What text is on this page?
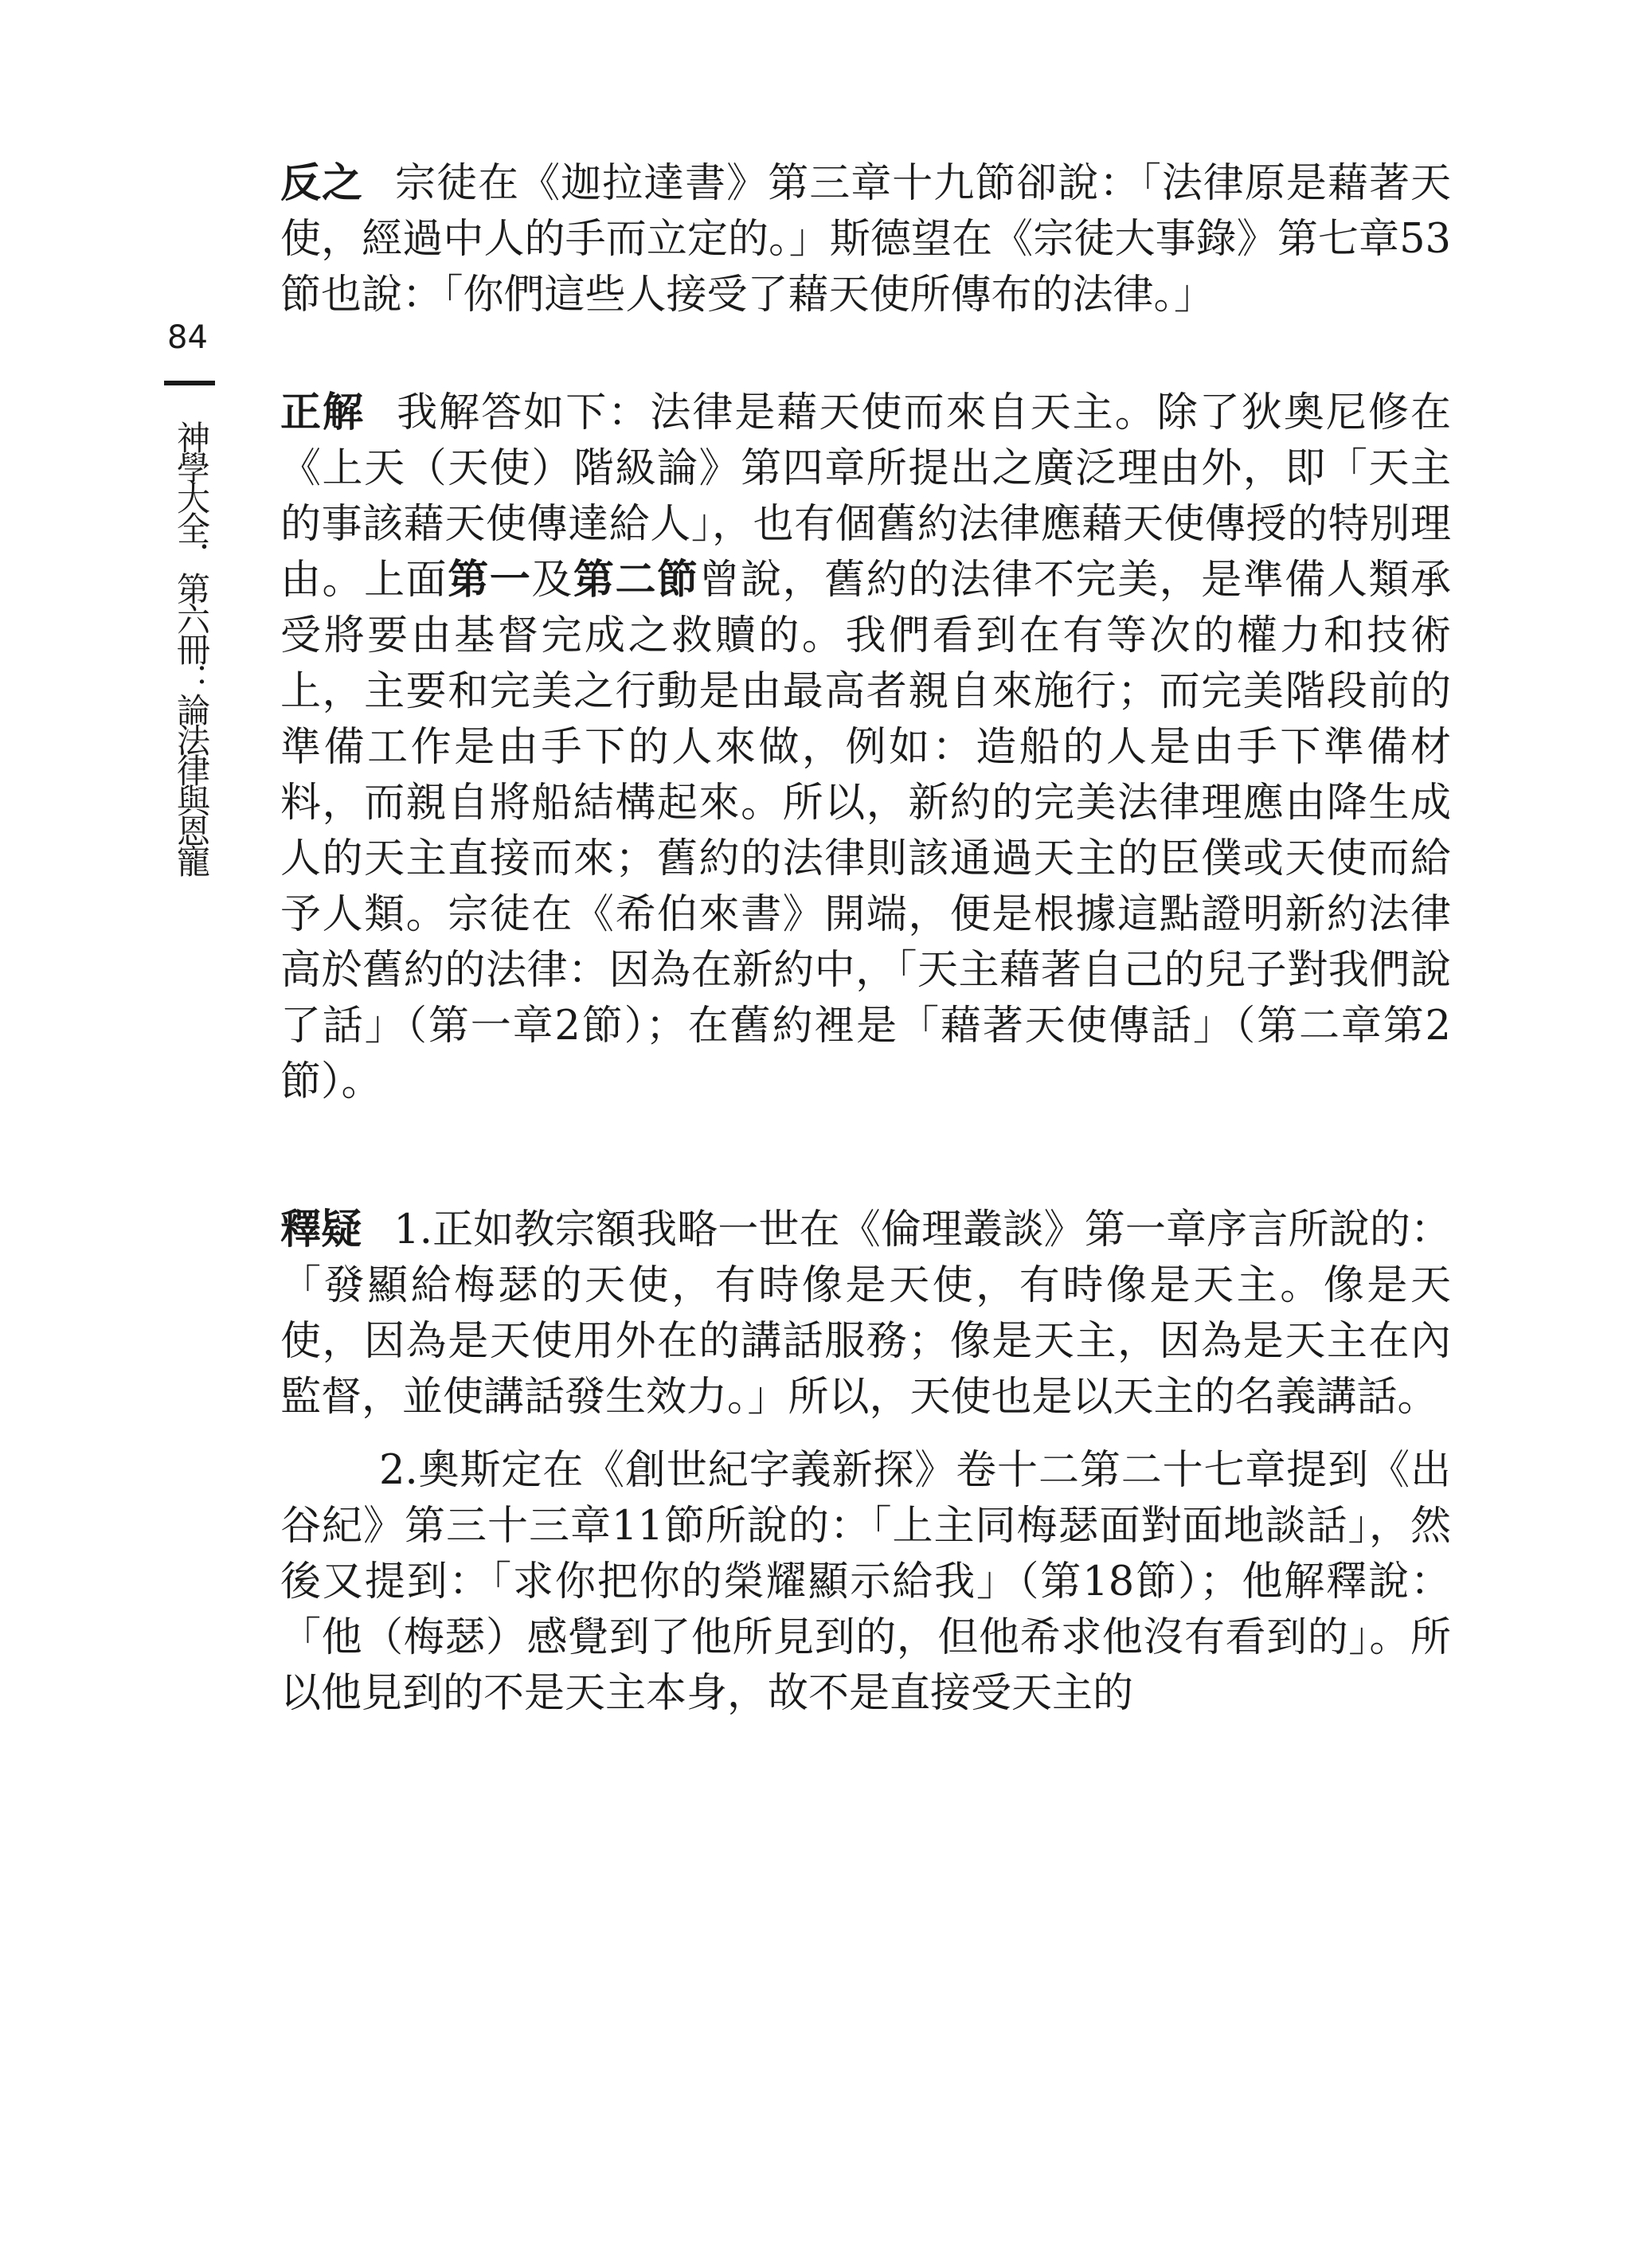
84
神學大全．第六冊：論法律與恩寵

反之 宗徒在《迦拉達書》第三章十九節卻說：「法律原是藉著天使，經過中人的手而立定的。」斯德望在《宗徒大事錄》第七章53節也說：「你們這些人接受了藉天使所傳布的法律。」

正解 我解答如下：法律是藉天使而來自天主。除了狄奧尼修在《上天（天使）階級論》第四章所提出之廣泛理由外，即「天主的事該藉天使傳達給人」，也有個舊約法律應藉天使傳授的特別理由。上面第一及第二節曾說，舊約的法律不完美，是準備人類承受將要由基督完成之救贖的。我們看到在有等次的權力和技術上，主要和完美之行動是由最高者親自來施行；而完美階段前的準備工作是由手下的人來做，例如：造船的人是由手下準備材料，而親自將船結構起來。所以，新約的完美法律理應由降生成人的天主直接而來；舊約的法律則該通過天主的臣僕或天使而給予人類。宗徒在《希伯來書》開端，便是根據這點證明新約法律高於舊約的法律：因為在新約中，「天主藉著自己的兒子對我們說了話」（第一章2節）；在舊約裡是「藉著天使傳話」（第二章第2節）。

釋疑 1.正如教宗額我略一世在《倫理叢談》第一章序言所說的：「發顯給梅瑟的天使，有時像是天使，有時像是天主。像是天使，因為是天使用外在的講話服務；像是天主，因為是天主在內監督，並使講話發生效力。」所以，天使也是以天主的名義講話。

2.奧斯定在《創世紀字義新探》卷十二第二十七章提到《出谷紀》第三十三章11節所說的：「上主同梅瑟面對面地談話」，然後又提到：「求你把你的榮耀顯示給我」（第18節）；他解釋說：「他（梅瑟）感覺到了他所見到的，但他希求他沒有看到的」。所以他見到的不是天主本身，故不是直接受天主的
